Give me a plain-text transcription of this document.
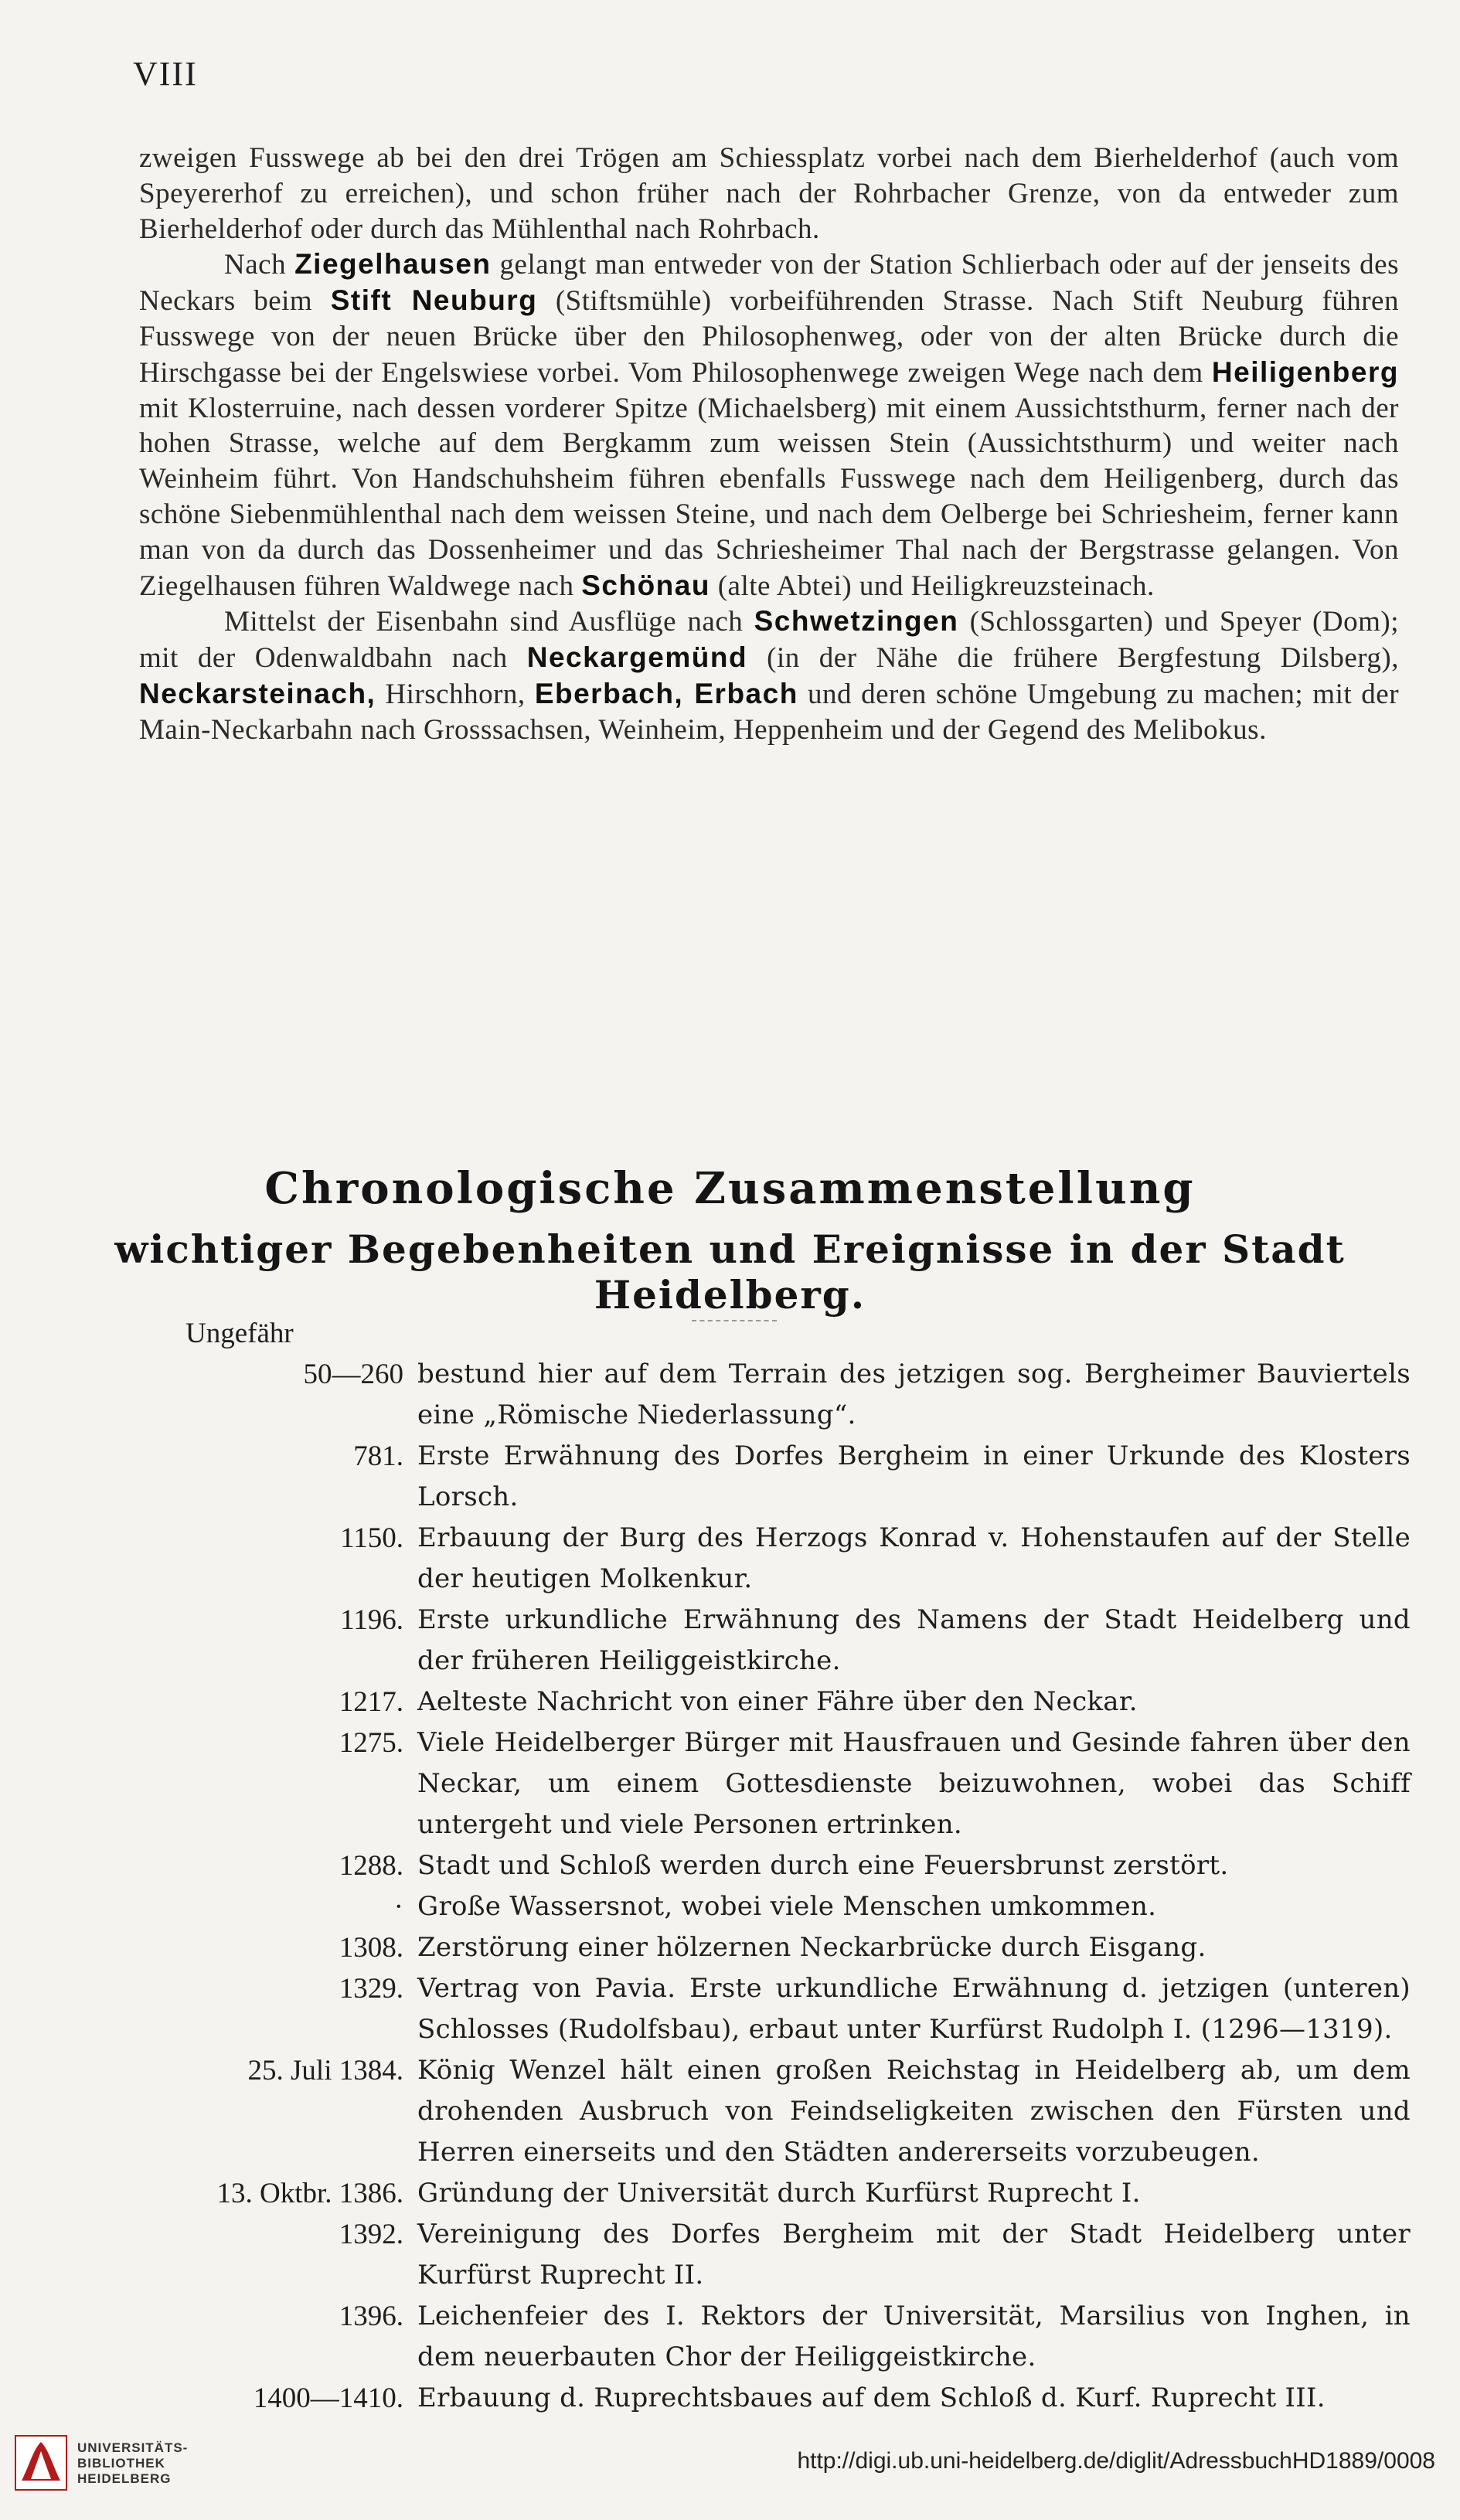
VIII

zweigen Fusswege ab bei den drei Trögen am Schiessplatz vorbei nach dem Bierhelderhof (auch vom Speyererhof zu erreichen), und schon früher nach der Rohrbacher Grenze, von da entweder zum Bierhelderhof oder durch das Mühlenthal nach Rohrbach.

Nach Ziegelhausen gelangt man entweder von der Station Schlierbach oder auf der jenseits des Neckars beim Stift Neuburg (Stiftsmühle) vorbeiführenden Strasse. Nach Stift Neuburg führen Fusswege von der neuen Brücke über den Philosophenweg, oder von der alten Brücke durch die Hirschgasse bei der Engelswiese vorbei. Vom Philosophenwege zweigen Wege nach dem Heiligenberg mit Klosterruine, nach dessen vorderer Spitze (Michaelsberg) mit einem Aussichtsthurm, ferner nach der hohen Strasse, welche auf dem Bergkamm zum weissen Stein (Aussichtsthurm) und weiter nach Weinheim führt. Von Handschuhsheim führen ebenfalls Fusswege nach dem Heiligenberg, durch das schöne Siebenmühlenthal nach dem weissen Steine, und nach dem Oelberge bei Schriesheim, ferner kann man von da durch das Dossenheimer und das Schriesheimer Thal nach der Bergstrasse gelangen. Von Ziegelhausen führen Waldwege nach Schönau (alte Abtei) und Heiligkreuzsteinach.

Mittelst der Eisenbahn sind Ausflüge nach Schwetzingen (Schlossgarten) und Speyer (Dom); mit der Odenwaldbahn nach Neckargemünd (in der Nähe die frühere Bergfestung Dilsberg), Neckarsteinach, Hirschhorn, Eberbach, Erbach und deren schöne Umgebung zu machen; mit der Main-Neckarbahn nach Grosssachsen, Weinheim, Heppenheim und der Gegend des Melibokus.

Chronologische Zusammenstellung
wichtiger Begebenheiten und Ereignisse in der Stadt Heidelberg.
Ungefähr
50—260 bestund hier auf dem Terrain des jetzigen sog. Bergheimer Bauviertels eine „Römische Niederlassung“.
781. Erste Erwähnung des Dorfes Bergheim in einer Urkunde des Klosters Lorsch.
1150. Erbauung der Burg des Herzogs Konrad v. Hohenstaufen auf der Stelle der heutigen Molkenkur.
1196. Erste urkundliche Erwähnung des Namens der Stadt Heidelberg und der früheren Heiliggeistkirche.
1217. Aelteste Nachricht von einer Fähre über den Neckar.
1275. Viele Heidelberger Bürger mit Hausfrauen und Gesinde fahren über den Neckar, um einem Gottesdienste beizuwohnen, wobei das Schiff untergeht und viele Personen ertrinken.
1288. Stadt und Schloß werden durch eine Feuersbrunst zerstört.
· Große Wassersnot, wobei viele Menschen umkommen.
1308. Zerstörung einer hölzernen Neckarbrücke durch Eisgang.
1329. Vertrag von Pavia. Erste urkundliche Erwähnung d. jetzigen (unteren) Schlosses (Rudolfsbau), erbaut unter Kurfürst Rudolph I. (1296—1319).
25. Juli 1384. König Wenzel hält einen großen Reichstag in Heidelberg ab, um dem drohenden Ausbruch von Feindseligkeiten zwischen den Fürsten und Herren einerseits und den Städten andererseits vorzubeugen.
13. Oktbr. 1386. Gründung der Universität durch Kurfürst Ruprecht I.
1392. Vereinigung des Dorfes Bergheim mit der Stadt Heidelberg unter Kurfürst Ruprecht II.
1396. Leichenfeier des I. Rektors der Universität, Marsilius von Inghen, in dem neuerbauten Chor der Heiliggeistkirche.
1400—1410. Erbauung d. Ruprechtsbaues auf dem Schloß d. Kurf. Ruprecht III.
UNIVERSITÄTS-
BIBLIOTHEK
HEIDELBERG
http://digi.ub.uni-heidelberg.de/diglit/AdressbuchHD1889/0008
